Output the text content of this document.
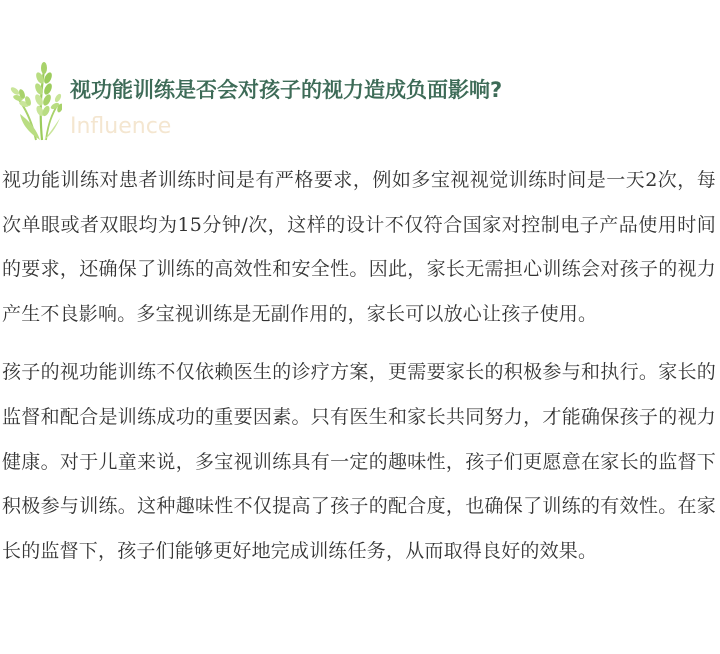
视功能训练是否会对孩子的视力造成负面影响?
Influence

视功能训练对患者训练时间是有严格要求，例如多宝视视觉训练时间是一天2次，每次单眼或者双眼均为15分钟/次，这样的设计不仅符合国家对控制电子产品使用时间的要求，还确保了训练的高效性和安全性。因此，家长无需担心训练会对孩子的视力产生不良影响。多宝视训练是无副作用的，家长可以放心让孩子使用。

孩子的视功能训练不仅依赖医生的诊疗方案，更需要家长的积极参与和执行。家长的监督和配合是训练成功的重要因素。只有医生和家长共同努力，才能确保孩子的视力健康。对于儿童来说，多宝视训练具有一定的趣味性，孩子们更愿意在家长的监督下积极参与训练。这种趣味性不仅提高了孩子的配合度，也确保了训练的有效性。在家长的监督下，孩子们能够更好地完成训练任务，从而取得良好的效果。
